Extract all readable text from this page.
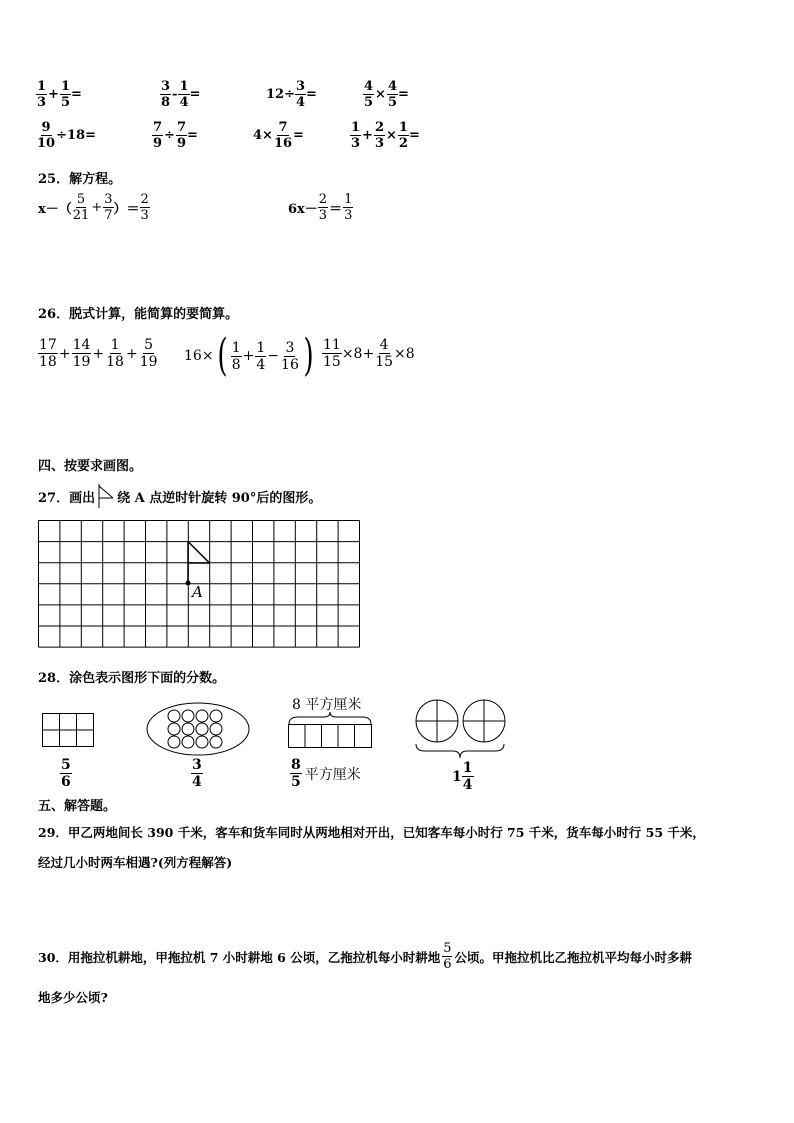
$\frac{1}{3} + \frac{1}{5}$ =	$\frac{3}{8} - \frac{1}{4}$ =	$12\div \frac{3}{4}$ =	$\frac{4}{5} \times \frac{4}{5}$ =
$\frac{9}{10} \div 18=$	$\frac{7}{9} \div \frac{7}{9}$ =	$4\times \frac{7}{16}$ =	$\frac{1}{3} + \frac{2}{3} \times \frac{1}{2}$ =
25．解方程。
$x-( \frac{5}{21} + \frac{3}{7}$ ）＝ $\frac{2}{3}$	$6x- \frac{2}{3} = \frac{1}{3}$
26．脱式计算，能简算的要简算。
$\frac{17}{18} + \frac{14}{19} + \frac{1}{18} + \frac{5}{19} 16\times$ ( $\frac{1}{8} + \frac{1}{4} - \frac{3}{16}$ ) $\frac{11}{15} \times 8+ \frac{4}{15} \times 8$
四、按要求画图。
27．画出 绕 A 点逆时针旋转 90°后的图形。
A
28．涂色表示图形下面的分数。
$\frac{5}{6}$	$\frac{3}{4}$
8 平方厘米
$\frac{8}{5}$ 平方厘米	$1 \frac{1}{4}$
五、解答题。
29．甲乙两地间长 390 千米，客车和货车同时从两地相对开出，已知客车每小时行 75 千米，货车每小时行 55 千米，
经过几小时两车相遇?(列方程解答)
30．用拖拉机耕地，甲拖拉机 7 小时耕地 6 公顷，乙拖拉机每小时耕地 $\frac{5}{6}$ 公顷。甲拖拉机比乙拖拉机平均每小时多耕
地多少公顷?
